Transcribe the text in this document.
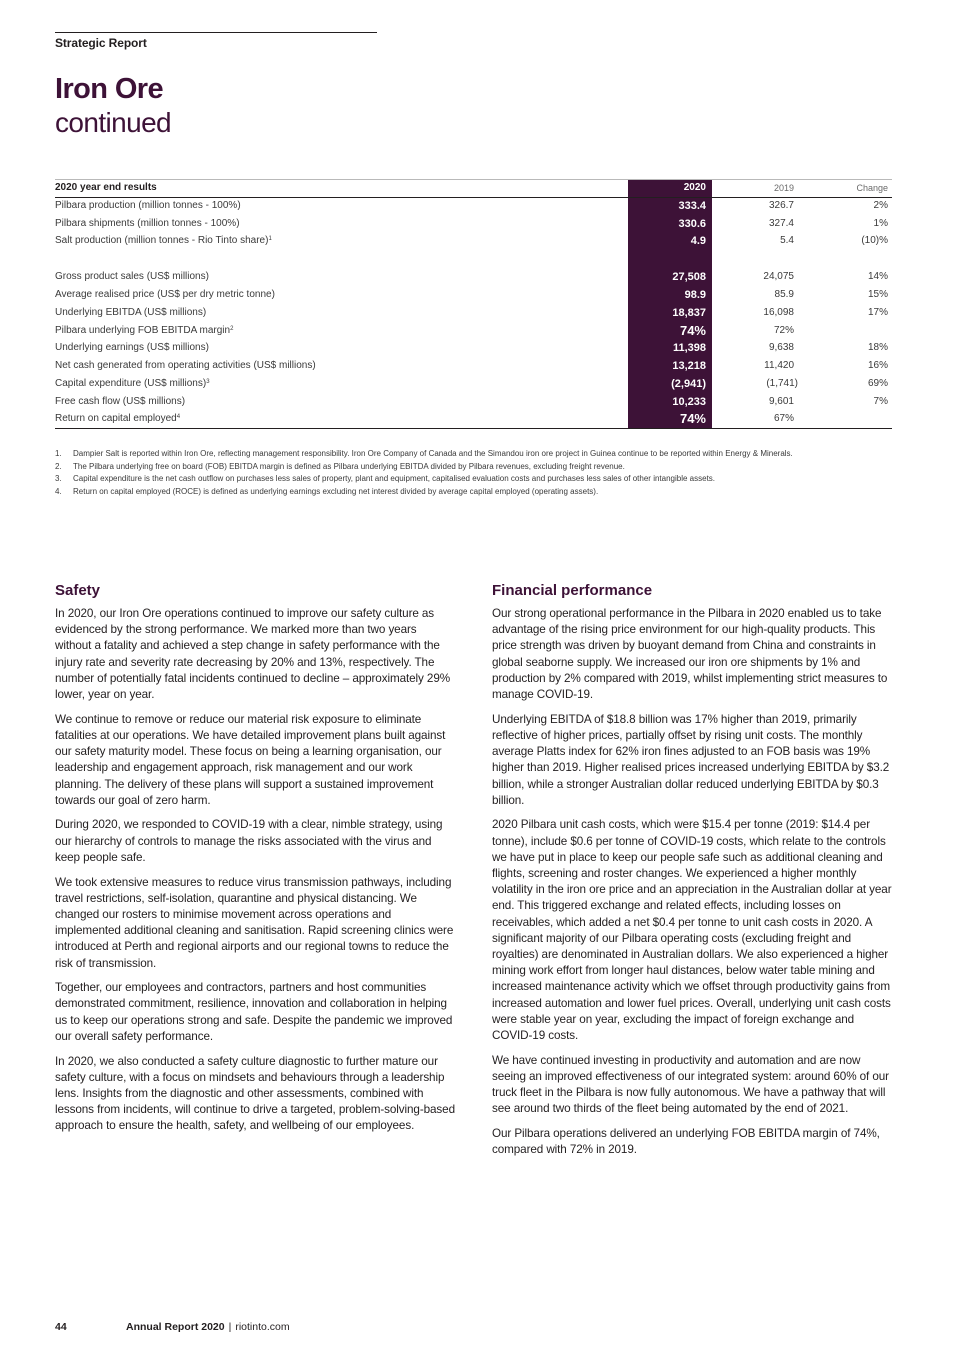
Strategic Report
Iron Ore
continued
2020 year end results	2020	2019	Change
Pilbara production (million tonnes - 100%)	333.4	326.7	2%
Pilbara shipments (million tonnes - 100%)	330.6	327.4	1%
Salt production (million tonnes - Rio Tinto share)$^1$	4.9	5.4	(10)%

Gross product sales (US$ millions)	27,508	24,075	14%
Average realised price (US$ per dry metric tonne)	98.9	85.9	15%
Underlying EBITDA (US$ millions)	18,837	16,098	17%
Pilbara underlying FOB EBITDA margin$^2$	74%	72%	
Underlying earnings (US$ millions)	11,398	9,638	18%
Net cash generated from operating activities (US$ millions)	13,218	11,420	16%
Capital expenditure (US$ millions)$^3$	(2,941)	(1,741)	69%
Free cash flow (US$ millions)	10,233	9,601	7%
Return on capital employed$^4$	74%	67%	
1.	Dampier Salt is reported within Iron Ore, reflecting management responsibility. Iron Ore Company of Canada and the Simandou iron ore project in Guinea continue to be reported within Energy & Minerals.
2.	The Pilbara underlying free on board (FOB) EBITDA margin is defined as Pilbara underlying EBITDA divided by Pilbara revenues, excluding freight revenue.
3.	Capital expenditure is the net cash outflow on purchases less sales of property, plant and equipment, capitalised evaluation costs and purchases less sales of other intangible assets.
4.	Return on capital employed (ROCE) is defined as underlying earnings excluding net interest divided by average capital employed (operating assets).
Safety

In 2020, our Iron Ore operations continued to improve our safety culture as evidenced by the strong performance. We marked more than two years without a fatality and achieved a step change in safety performance with the injury rate and severity rate decreasing by 20% and 13%, respectively. The number of potentially fatal incidents continued to decline – approximately 29% lower, year on year.

We continue to remove or reduce our material risk exposure to eliminate fatalities at our operations. We have detailed improvement plans built against our safety maturity model. These focus on being a learning organisation, our leadership and engagement approach, risk management and our work planning. The delivery of these plans will support a sustained improvement towards our goal of zero harm.

During 2020, we responded to COVID-19 with a clear, nimble strategy, using our hierarchy of controls to manage the risks associated with the virus and keep people safe.

We took extensive measures to reduce virus transmission pathways, including travel restrictions, self-isolation, quarantine and physical distancing. We changed our rosters to minimise movement across operations and implemented additional cleaning and sanitisation. Rapid screening clinics were introduced at Perth and regional airports and our regional towns to reduce the risk of transmission.

Together, our employees and contractors, partners and host communities demonstrated commitment, resilience, innovation and collaboration in helping us to keep our operations strong and safe. Despite the pandemic we improved our overall safety performance.

In 2020, we also conducted a safety culture diagnostic to further mature our safety culture, with a focus on mindsets and behaviours through a leadership lens. Insights from the diagnostic and other assessments, combined with lessons from incidents, will continue to drive a targeted, problem-solving-based approach to ensure the health, safety, and wellbeing of our employees.

Financial performance

Our strong operational performance in the Pilbara in 2020 enabled us to take advantage of the rising price environment for our high-quality products. This price strength was driven by buoyant demand from China and constraints in global seaborne supply. We increased our iron ore shipments by 1% and production by 2% compared with 2019, whilst implementing strict measures to manage COVID-19.

Underlying EBITDA of $18.8 billion was 17% higher than 2019, primarily reflective of higher prices, partially offset by rising unit costs. The monthly average Platts index for 62% iron fines adjusted to an FOB basis was 19% higher than 2019. Higher realised prices increased underlying EBITDA by $3.2 billion, while a stronger Australian dollar reduced underlying EBITDA by $0.3 billion.

2020 Pilbara unit cash costs, which were $15.4 per tonne (2019: $14.4 per tonne), include $0.6 per tonne of COVID-19 costs, which relate to the controls we have put in place to keep our people safe such as additional cleaning and flights, screening and roster changes. We experienced a higher monthly volatility in the iron ore price and an appreciation in the Australian dollar at year end. This triggered exchange and related effects, including losses on receivables, which added a net $0.4 per tonne to unit cash costs in 2020. A significant majority of our Pilbara operating costs (excluding freight and royalties) are denominated in Australian dollars. We also experienced a higher mining work effort from longer haul distances, below water table mining and increased maintenance activity which we offset through productivity gains from increased automation and lower fuel prices. Overall, underlying unit cash costs were stable year on year, excluding the impact of foreign exchange and COVID-19 costs.

We have continued investing in productivity and automation and are now seeing an improved effectiveness of our integrated system: around 60% of our truck fleet in the Pilbara is now fully autonomous. We have a pathway that will see around two thirds of the fleet being automated by the end of 2021.

Our Pilbara operations delivered an underlying FOB EBITDA margin of 74%, compared with 72% in 2019.

44	Annual Report 2020 | riotinto.com
